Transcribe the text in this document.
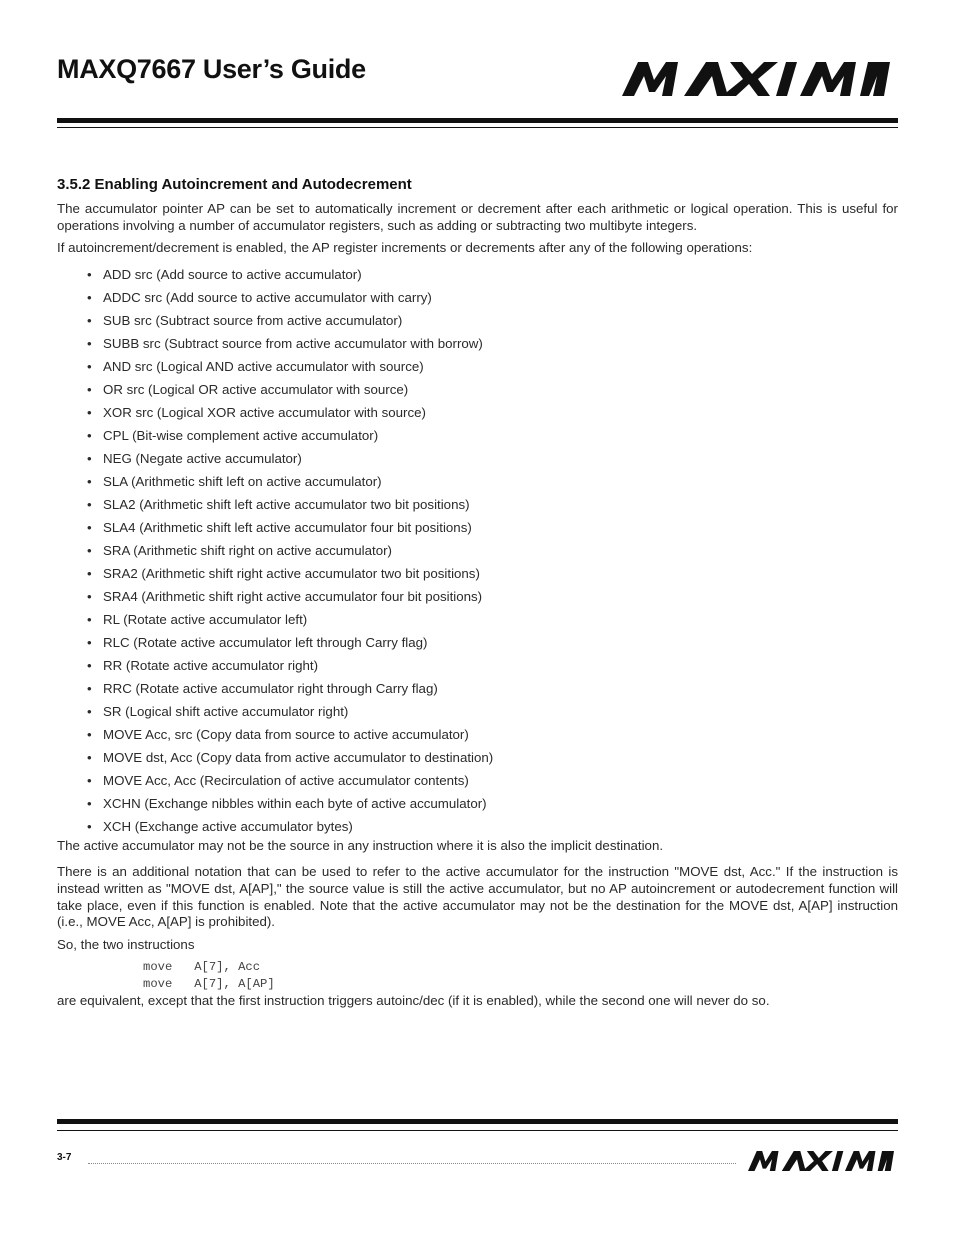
MAXQ7667 User’s Guide
3.5.2 Enabling Autoincrement and Autodecrement

The accumulator pointer AP can be set to automatically increment or decrement after each arithmetic or logical operation. This is useful for operations involving a number of accumulator registers, such as adding or subtracting two multibyte integers.

If autoincrement/decrement is enabled, the AP register increments or decrements after any of the following operations:

• ADD src (Add source to active accumulator)
• ADDC src (Add source to active accumulator with carry)
• SUB src (Subtract source from active accumulator)
• SUBB src (Subtract source from active accumulator with borrow)
• AND src (Logical AND active accumulator with source)
• OR src (Logical OR active accumulator with source)
• XOR src (Logical XOR active accumulator with source)
• CPL (Bit-wise complement active accumulator)
• NEG (Negate active accumulator)
• SLA (Arithmetic shift left on active accumulator)
• SLA2 (Arithmetic shift left active accumulator two bit positions)
• SLA4 (Arithmetic shift left active accumulator four bit positions)
• SRA (Arithmetic shift right on active accumulator)
• SRA2 (Arithmetic shift right active accumulator two bit positions)
• SRA4 (Arithmetic shift right active accumulator four bit positions)
• RL (Rotate active accumulator left)
• RLC (Rotate active accumulator left through Carry flag)
• RR (Rotate active accumulator right)
• RRC (Rotate active accumulator right through Carry flag)
• SR (Logical shift active accumulator right)
• MOVE Acc, src (Copy data from source to active accumulator)
• MOVE dst, Acc (Copy data from active accumulator to destination)
• MOVE Acc, Acc (Recirculation of active accumulator contents)
• XCHN (Exchange nibbles within each byte of active accumulator)
• XCH (Exchange active accumulator bytes)

The active accumulator may not be the source in any instruction where it is also the implicit destination.

There is an additional notation that can be used to refer to the active accumulator for the instruction "MOVE dst, Acc." If the instruction is instead written as "MOVE dst, A[AP]," the source value is still the active accumulator, but no AP autoincrement or autodecrement function will take place, even if this function is enabled. Note that the active accumulator may not be the destination for the MOVE dst, A[AP] instruction (i.e., MOVE Acc, A[AP] is prohibited).

So, the two instructions

move   A[7], Acc
move   A[7], A[AP]

are equivalent, except that the first instruction triggers autoinc/dec (if it is enabled), while the second one will never do so.

3-7
